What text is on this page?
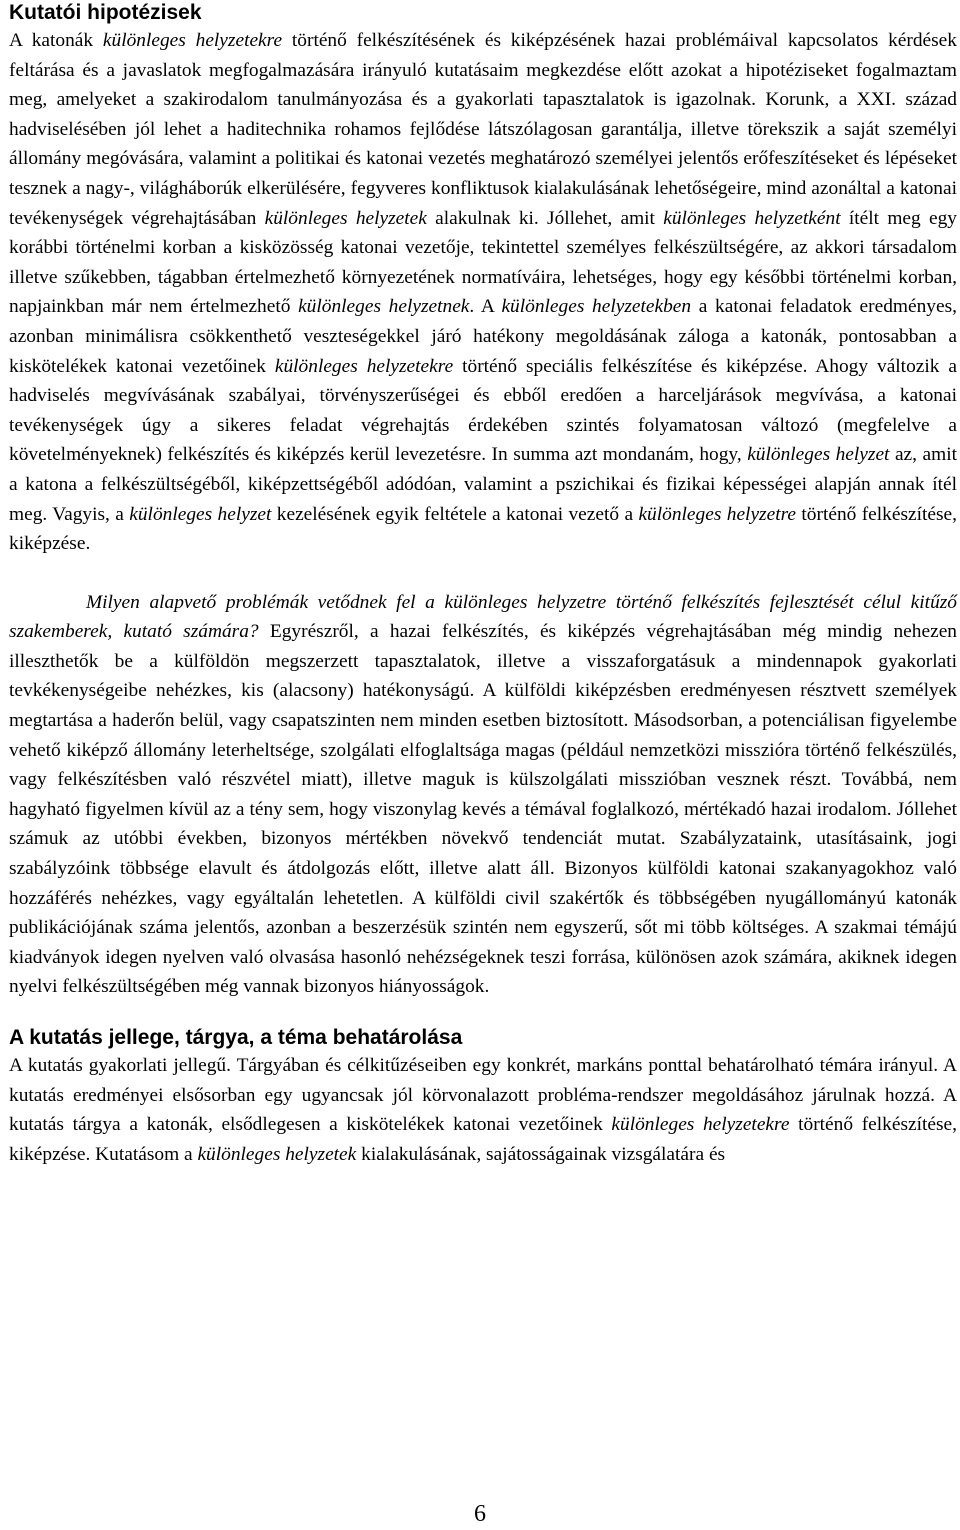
Kutatói hipotézisek

A katonák különleges helyzetekre történő felkészítésének és kiképzésének hazai problémáival kapcsolatos kérdések feltárása és a javaslatok megfogalmazására irányuló kutatásaim megkezdése előtt azokat a hipotéziseket fogalmaztam meg, amelyeket a szakirodalom tanulmányozása és a gyakorlati tapasztalatok is igazolnak. Korunk, a XXI. század hadviselésében jól lehet a haditechnika rohamos fejlődése látszólagosan garantálja, illetve törekszik a saját személyi állomány megóvására, valamint a politikai és katonai vezetés meghatározó személyei jelentős erőfeszítéseket és lépéseket tesznek a nagy-, világháborúk elkerülésére, fegyveres konfliktusok kialakulásának lehetőségeire, mind azonáltal a katonai tevékenységek végrehajtásában különleges helyzetek alakulnak ki. Jóllehet, amit különleges helyzetként ítélt meg egy korábbi történelmi korban a kisközösség katonai vezetője, tekintettel személyes felkészültségére, az akkori társadalom illetve szűkebben, tágabban értelmezhető környezetének normatíváira, lehetséges, hogy egy későbbi történelmi korban, napjainkban már nem értelmezhető különleges helyzetnek. A különleges helyzetekben a katonai feladatok eredményes, azonban minimálisra csökkenthető veszteségekkel járó hatékony megoldásának záloga a katonák, pontosabban a kiskötelékek katonai vezetőinek különleges helyzetekre történő speciális felkészítése és kiképzése. Ahogy változik a hadviselés megvívásának szabályai, törvényszerűségei és ebből eredően a harceljárások megvívása, a katonai tevékenységek úgy a sikeres feladat végrehajtás érdekében szintés folyamatosan változó (megfelelve a követelményeknek) felkészítés és kiképzés kerül levezetésre. In summa azt mondanám, hogy, különleges helyzet az, amit a katona a felkészültségéből, kiképzettségéből adódóan, valamint a pszichikai és fizikai képességei alapján annak ítél meg. Vagyis, a különleges helyzet kezelésének egyik feltétele a katonai vezető a különleges helyzetre történő felkészítése, kiképzése.

Milyen alapvető problémák vetődnek fel a különleges helyzetre történő felkészítés fejlesztését célul kitűző szakemberek, kutató számára? Egyrészről, a hazai felkészítés, és kiképzés végrehajtásában még mindig nehezen illeszthetők be a külföldön megszerzett tapasztalatok, illetve a visszaforgatásuk a mindennapok gyakorlati tevkékenységeibe nehézkes, kis (alacsony) hatékonyságú. A külföldi kiképzésben eredményesen résztvett személyek megtartása a haderőn belül, vagy csapatszinten nem minden esetben biztosított. Másodsorban, a potenciálisan figyelembe vehető kiképző állomány leterheltsége, szolgálati elfoglaltsága magas (például nemzetközi misszióra történő felkészülés, vagy felkészítésben való részvétel miatt), illetve maguk is külszolgálati misszióban vesznek részt. Továbbá, nem hagyható figyelmen kívül az a tény sem, hogy viszonylag kevés a témával foglalkozó, mértékadó hazai irodalom. Jóllehet számuk az utóbbi években, bizonyos mértékben növekvő tendenciát mutat. Szabályzataink, utasításaink, jogi szabályzóink többsége elavult és átdolgozás előtt, illetve alatt áll. Bizonyos külföldi katonai szakanyagokhoz való hozzáférés nehézkes, vagy egyáltalán lehetetlen. A külföldi civil szakértők és többségében nyugállományú katonák publikációjának száma jelentős, azonban a beszerzésük szintén nem egyszerű, sőt mi több költséges. A szakmai témájú kiadványok idegen nyelven való olvasása hasonló nehézségeknek teszi forrása, különösen azok számára, akiknek idegen nyelvi felkészültségében még vannak bizonyos hiányosságok.

A kutatás jellege, tárgya, a téma behatárolása

A kutatás gyakorlati jellegű. Tárgyában és célkitűzéseiben egy konkrét, markáns ponttal behatárolható témára irányul. A kutatás eredményei elsősorban egy ugyancsak jól körvonalazott probléma-rendszer megoldásához járulnak hozzá. A kutatás tárgya a katonák, elsődlegesen a kiskötelékek katonai vezetőinek különleges helyzetekre történő felkészítése, kiképzése. Kutatásom a különleges helyzetek kialakulásának, sajátosságainak vizsgálatára és

6
